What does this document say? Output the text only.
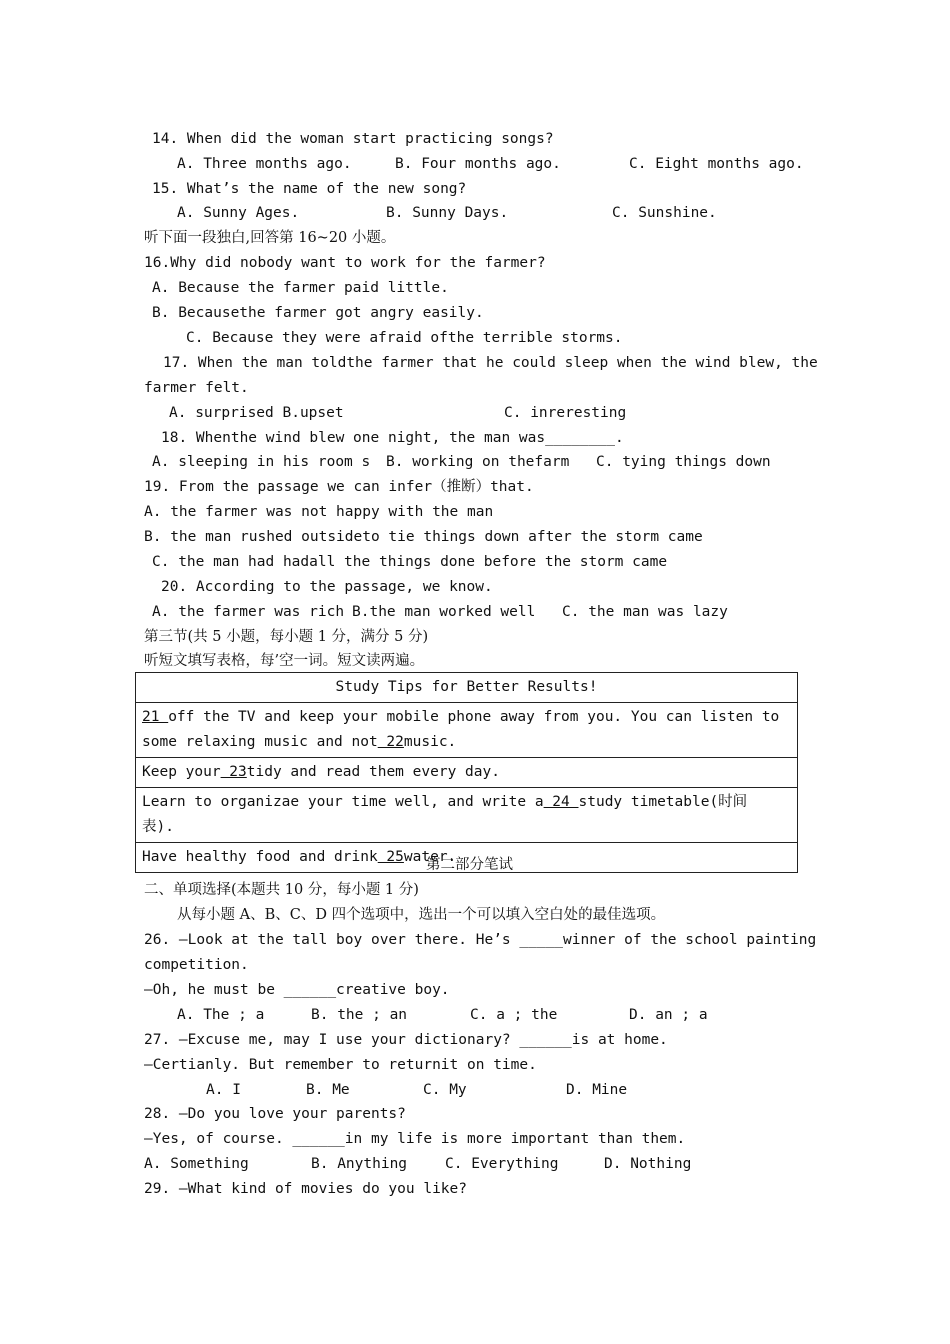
14. When did the woman start practicing songs?
A. Three months ago.	B. Four months ago.	C. Eight months ago.
15. What’s the name of the new song?
A. Sunny Ages.	B. Sunny Days.	C. Sunshine.
听下面一段独白,回答第 16~20 小题。
16.Why did nobody want to work for the farmer?
A. Because the farmer paid little.
B. Becausethe farmer got angry easily.
C. Because they were afraid ofthe terrible storms.
17. When the man toldthe farmer that he could sleep when the wind blew, the
farmer felt.
A. surprised B.upset	C. inreresting
18. Whenthe wind blew one night, the man was________.
A. sleeping in his room s B. working on thefarm C. tying things down
19. From the passage we can infer（推断）that.
A. the farmer was not happy with the man
B. the man rushed outsideto tie things down after the storm came
C. the man had hadall the things done before the storm came
20. According to the passage, we know.
A. the farmer was rich B.the man worked well C. the man was lazy
第三节(共 5 小题，每小题 1 分，满分 5 分)
听短文填写表格，每’空一词。短文读两遍。
Study Tips for Better Results!
21 off the TV and keep your mobile phone away from you. You can listen to
some relaxing music and not 22music.
Keep your 23tidy and read them every day.
Learn to organizae your time well, and write a 24 study timetable(时间
表).
Have healthy food and drink 25water.
第二部分笔试
二、单项选择(本题共 10 分，每小题 1 分)
从每小题 A、B、C、D 四个选项中，选出一个可以填入空白处的最佳选项。
26. —Look at the tall boy over there. He’s _____winner of the school painting
competition.
—Oh, he must be ______creative boy.
A. The ; a	B. the ; an	C. a ; the	D. an ; a
27. —Excuse me, may I use your dictionary? ______is at home.
—Certianly. But remember to returnit on time.
A. I	B. Me	C. My	D. Mine
28. —Do you love your parents?
—Yes, of course. ______in my life is more important than them.
A. Something	B. Anything	C. Everything	D. Nothing
29. —What kind of movies do you like?
